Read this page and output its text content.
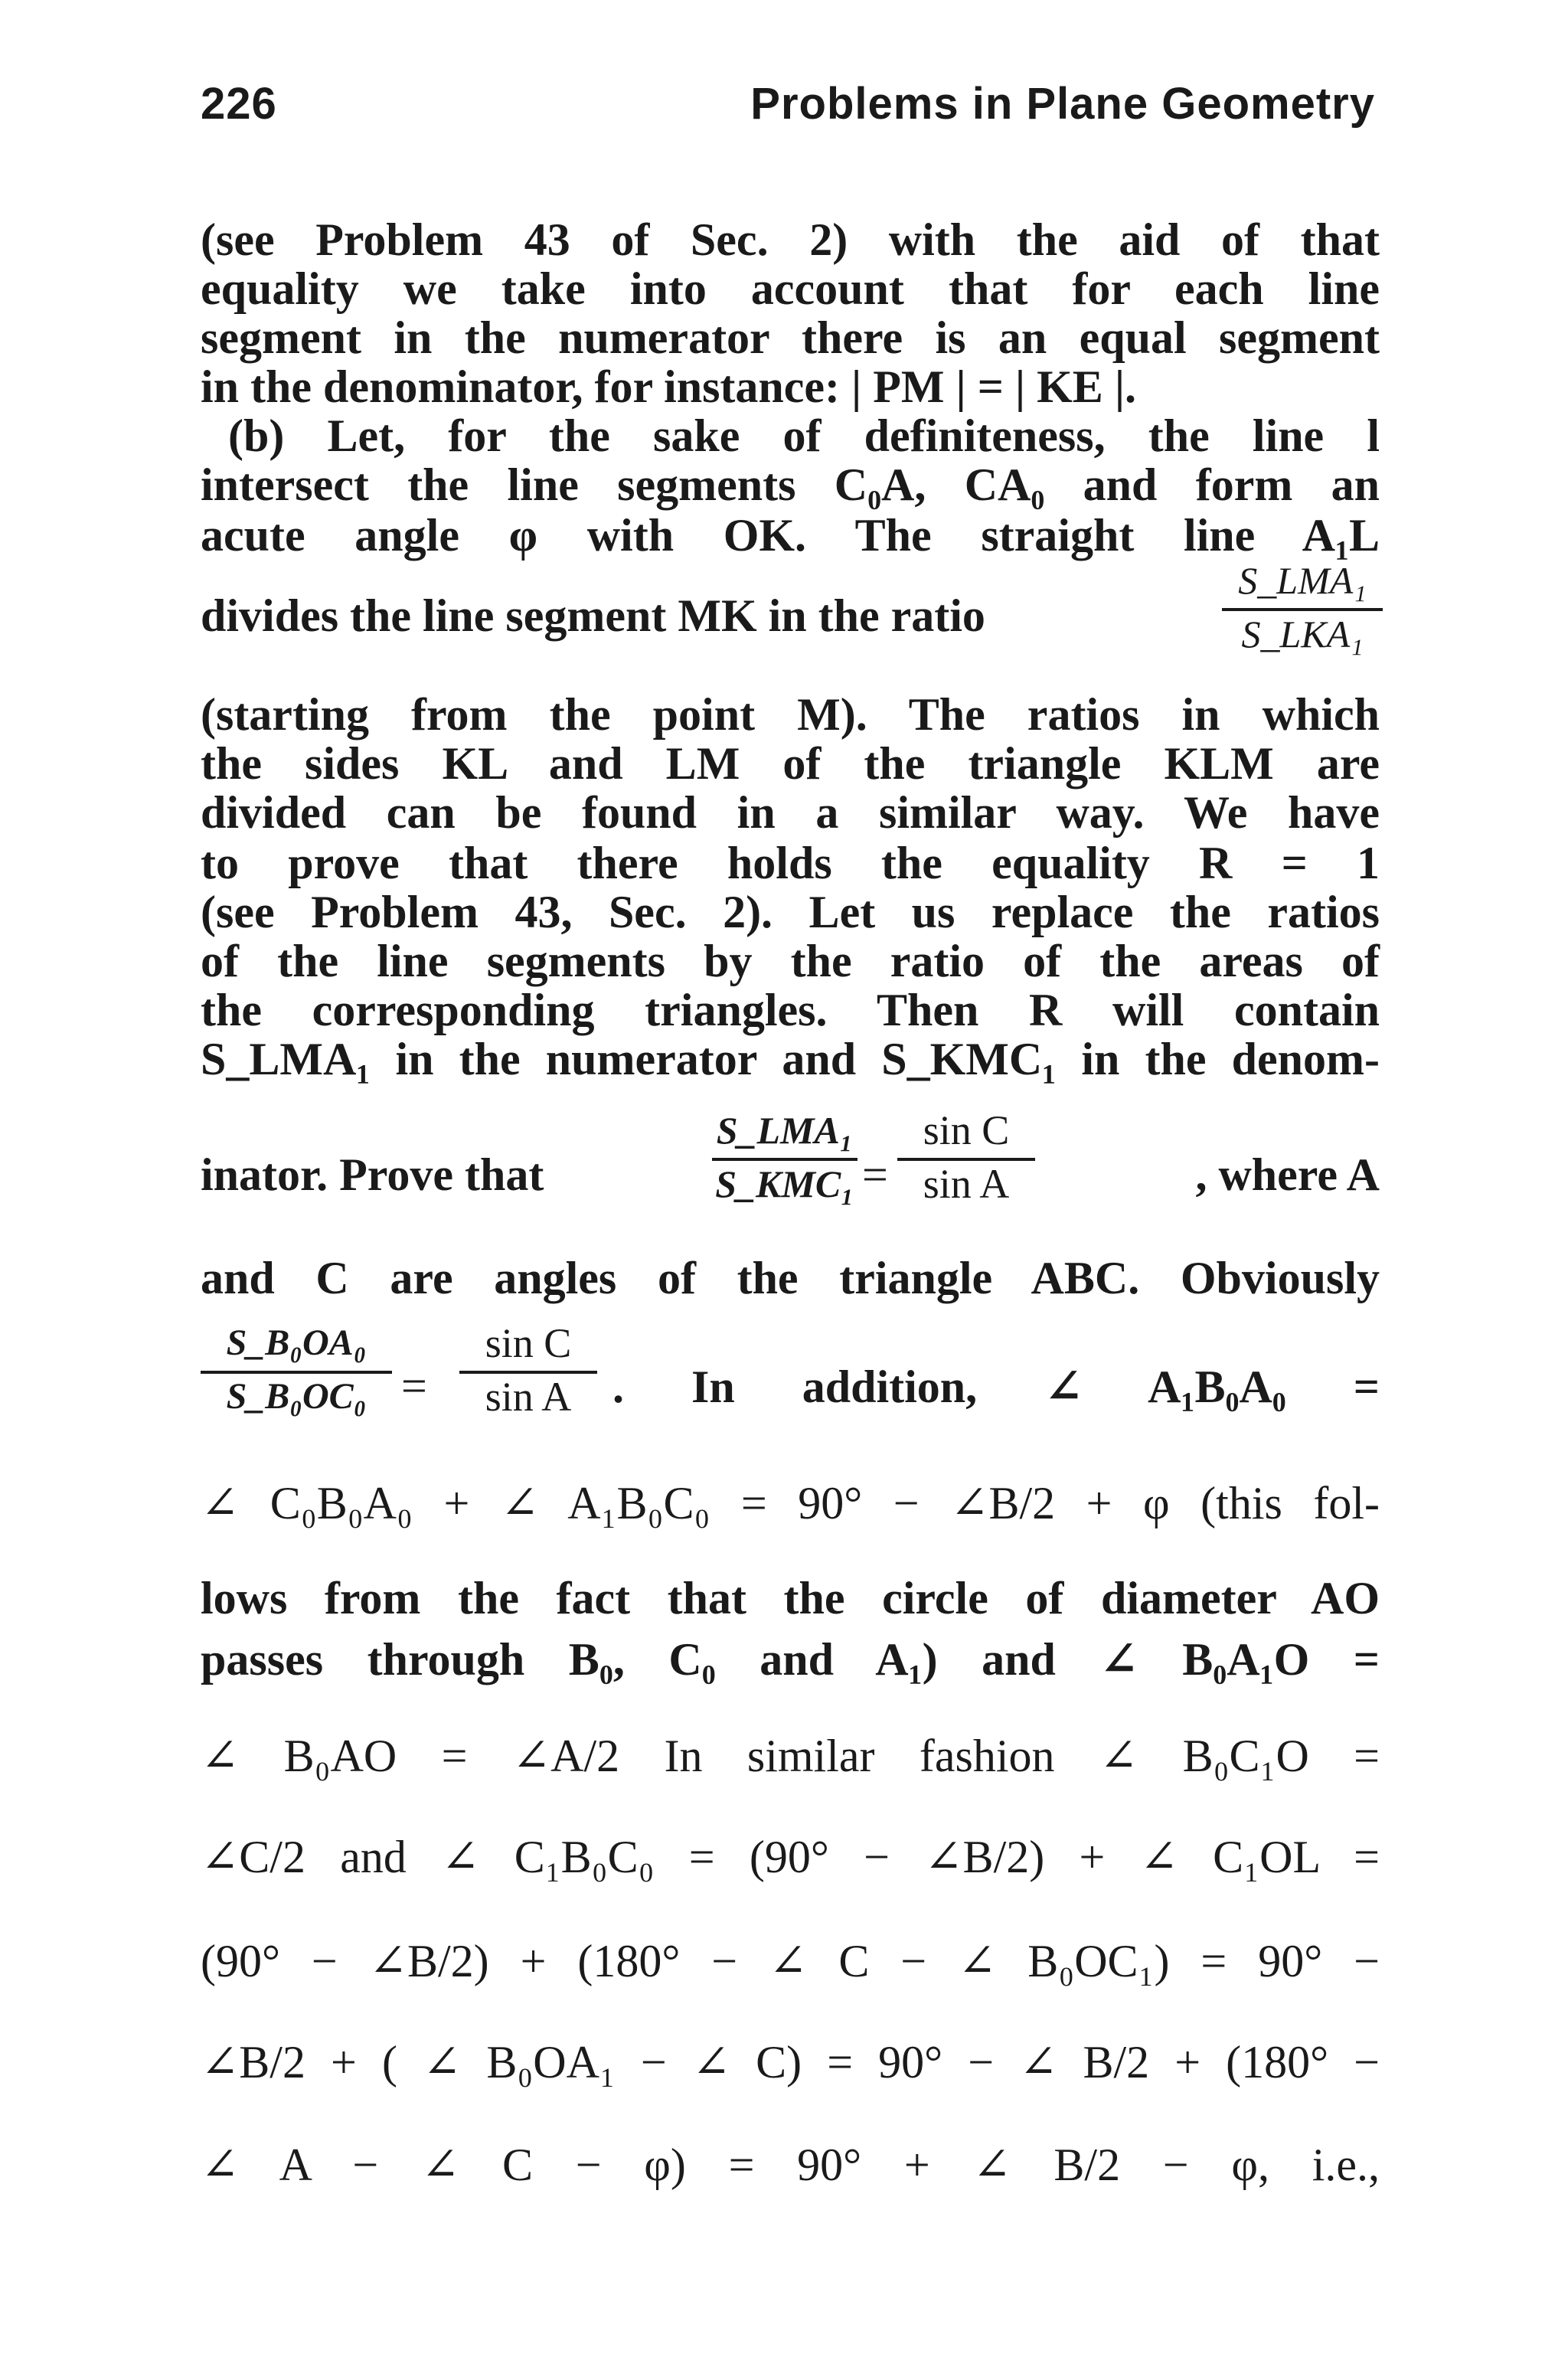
226	Problems in Plane Geometry
(see Problem 43 of Sec. 2) with the aid of that
equality we take into account that for each line
segment in the numerator there is an equal segment
in the denominator, for instance: | PM | = | KE |.
(b) Let, for the sake of definiteness, the line l
intersect the line segments C₀A, CA₀ and form an
acute angle φ with OK. The straight line A₁L
divides the line segment MK in the ratio
S_LMA₁
S_LKA₁
(starting from the point M). The ratios in which
the sides KL and LM of the triangle KLM are
divided can be found in a similar way. We have
to prove that there holds the equality R = 1
(see Problem 43, Sec. 2). Let us replace the ratios
of the line segments by the ratio of the areas of
the corresponding triangles. Then R will contain
S_LMA₁ in the numerator and S_KMC₁ in the denom-
inator. Prove that
S_LMA₁
S_KMC₁ =
sin C
sin A	, where A
and C are angles of the triangle ABC. Obviously
S_B₀OA₀
S_B₀OC₀ =
sin C
sin A . In addition, ∠ A₁B₀A₀ =
∠ C₀B₀A₀ + ∠ A₁B₀C₀ = 90° − ∠B/2 + φ (this fol-
lows from the fact that the circle of diameter AO
passes through B₀, C₀ and A₁) and ∠ B₀A₁O =
∠ B₀AO = ∠A/2 In similar fashion ∠ B₀C₁O =
∠C/2 and ∠ C₁B₀C₀ = (90° − ∠B/2) + ∠ C₁OL =
(90° − ∠B/2) + (180° − ∠ C − ∠ B₀OC₁) = 90° −
∠B/2 + ( ∠ B₀OA₁ − ∠ C) = 90° − ∠ B/2 + (180° −
∠ A − ∠ C − φ) = 90° + ∠ B/2 − φ, i.e.,
